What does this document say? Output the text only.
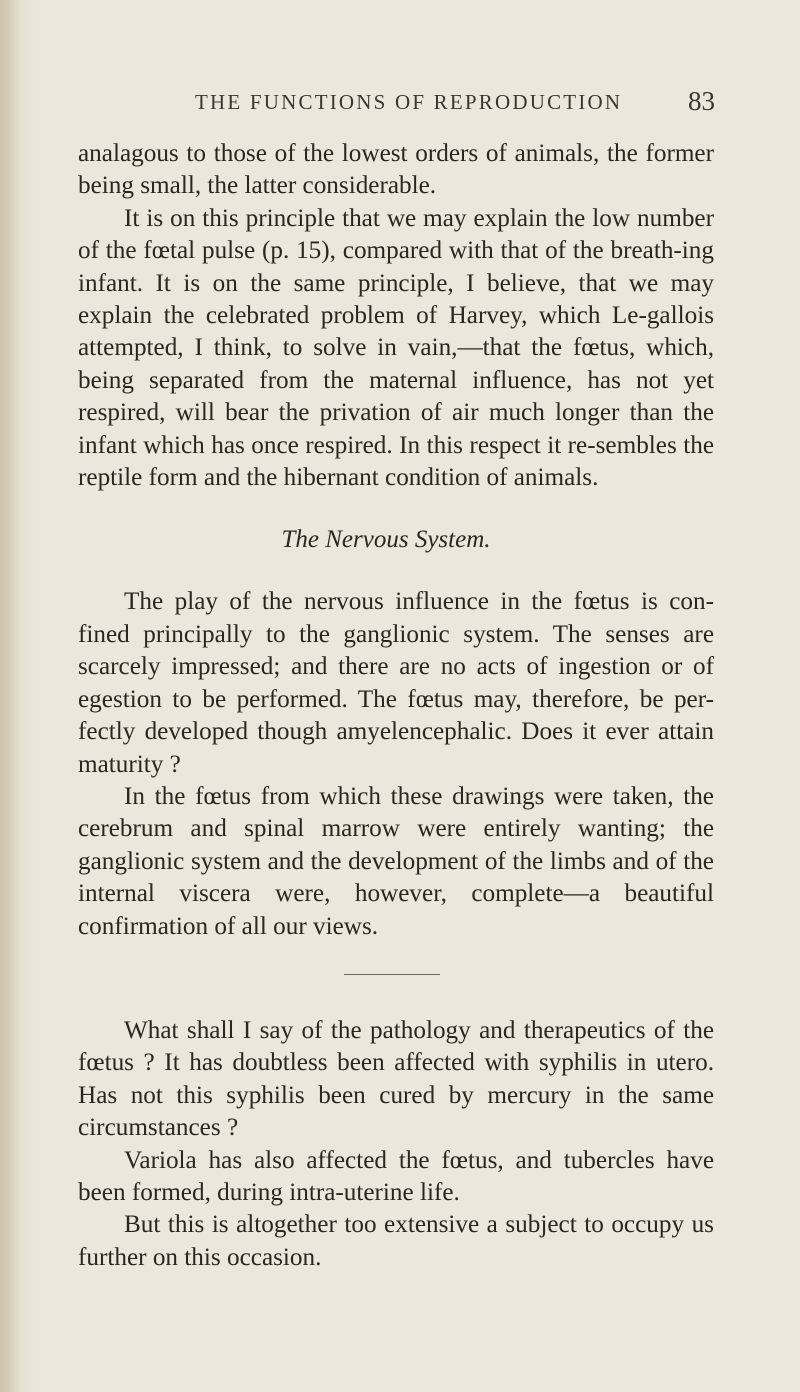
THE FUNCTIONS OF REPRODUCTION 83

analagous to those of the lowest orders of animals, the former being small, the latter considerable.

It is on this principle that we may explain the low number of the fœtal pulse (p. 15), compared with that of the breath-ing infant. It is on the same principle, I believe, that we may explain the celebrated problem of Harvey, which Le-gallois attempted, I think, to solve in vain,—that the fœtus, which, being separated from the maternal influence, has not yet respired, will bear the privation of air much longer than the infant which has once respired. In this respect it re-sembles the reptile form and the hibernant condition of animals.

The Nervous System.

The play of the nervous influence in the fœtus is con-fined principally to the ganglionic system. The senses are scarcely impressed; and there are no acts of ingestion or of egestion to be performed. The fœtus may, therefore, be per-fectly developed though amyelencephalic. Does it ever attain maturity ?

In the fœtus from which these drawings were taken, the cerebrum and spinal marrow were entirely wanting; the ganglionic system and the development of the limbs and of the internal viscera were, however, complete—a beautiful confirmation of all our views.

What shall I say of the pathology and therapeutics of the fœtus ? It has doubtless been affected with syphilis in utero. Has not this syphilis been cured by mercury in the same circumstances ?

Variola has also affected the fœtus, and tubercles have been formed, during intra-uterine life.

But this is altogether too extensive a subject to occupy us further on this occasion.
